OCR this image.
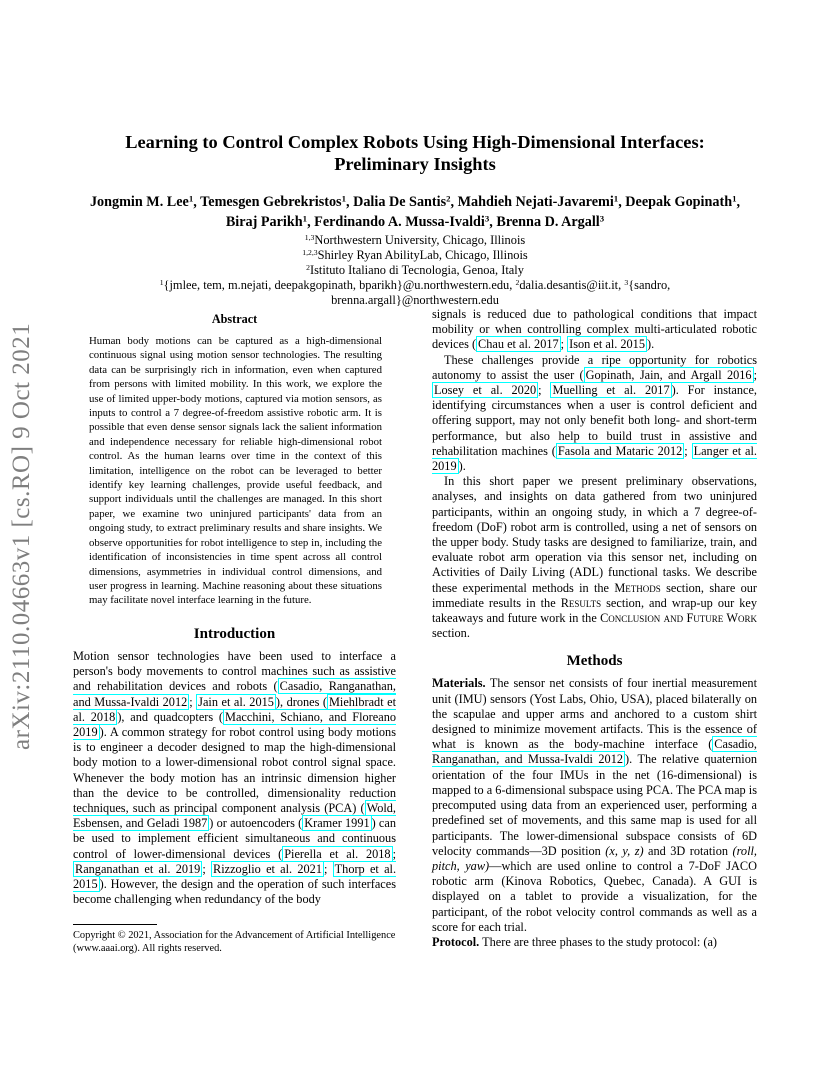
arXiv:2110.04663v1 [cs.RO] 9 Oct 2021
Learning to Control Complex Robots Using High-Dimensional Interfaces: Preliminary Insights
Jongmin M. Lee$^1$, Temesgen Gebrekristos$^1$, Dalia De Santis$^2$, Mahdieh Nejati-Javaremi$^1$, Deepak Gopinath$^1$, Biraj Parikh$^1$, Ferdinando A. Mussa-Ivaldi$^3$, Brenna D. Argall$^3$
$^{1,3}$Northwestern University, Chicago, Illinois
$^{1,2,3}$Shirley Ryan AbilityLab, Chicago, Illinois
$^2$Istituto Italiano di Tecnologia, Genoa, Italy
$^1${jmlee, tem, m.nejati, deepakgopinath, bparikh}@u.northwestern.edu, $^2$dalia.desantis@iit.it, $^3${sandro,
brenna.argall}@northwestern.edu
Abstract
Human body motions can be captured as a high-dimensional continuous signal using motion sensor technologies. The resulting data can be surprisingly rich in information, even when captured from persons with limited mobility. In this work, we explore the use of limited upper-body motions, captured via motion sensors, as inputs to control a 7 degree-of-freedom assistive robotic arm. It is possible that even dense sensor signals lack the salient information and independence necessary for reliable high-dimensional robot control. As the human learns over time in the context of this limitation, intelligence on the robot can be leveraged to better identify key learning challenges, provide useful feedback, and support individuals until the challenges are managed. In this short paper, we examine two uninjured participants' data from an ongoing study, to extract preliminary results and share insights. We observe opportunities for robot intelligence to step in, including the identification of inconsistencies in time spent across all control dimensions, asymmetries in individual control dimensions, and user progress in learning. Machine reasoning about these situations may facilitate novel interface learning in the future.
Introduction

Motion sensor technologies have been used to interface a person's body movements to control machines such as assistive and rehabilitation devices and robots ( Casadio, Ranganathan, and Mussa-Ivaldi 2012 ; Jain et al. 2015 ), drones ( Miehlbradt et al. 2018 ), and quadcopters ( Macchini, Schiano, and Floreano 2019 ). A common strategy for robot control using body motions is to engineer a decoder designed to map the high-dimensional body motion to a lower-dimensional robot control signal space. Whenever the body motion has an intrinsic dimension higher than the device to be controlled, dimensionality reduction techniques, such as principal component analysis (PCA) ( Wold, Esbensen, and Geladi 1987 ) or autoencoders ( Kramer 1991 ) can be used to implement efficient simultaneous and continuous control of lower-dimensional devices ( Pierella et al. 2018 ; Ranganathan et al. 2019 ; Rizzoglio et al. 2021 ; Thorp et al. 2015 ). However, the design and the operation of such interfaces become challenging when redundancy of the body

Copyright © 2021, Association for the Advancement of Artificial Intelligence (www.aaai.org). All rights reserved.

signals is reduced due to pathological conditions that impact mobility or when controlling complex multi-articulated robotic devices ( Chau et al. 2017 ; Ison et al. 2015 ).

These challenges provide a ripe opportunity for robotics autonomy to assist the user ( Gopinath, Jain, and Argall 2016 ; Losey et al. 2020 ; Muelling et al. 2017 ). For instance, identifying circumstances when a user is control deficient and offering support, may not only benefit both long- and short-term performance, but also help to build trust in assistive and rehabilitation machines ( Fasola and Mataric 2012 ; Langer et al. 2019 ).

In this short paper we present preliminary observations, analyses, and insights on data gathered from two uninjured participants, within an ongoing study, in which a 7 degree-of-freedom (DoF) robot arm is controlled, using a net of sensors on the upper body. Study tasks are designed to familiarize, train, and evaluate robot arm operation via this sensor net, including on Activities of Daily Living (ADL) functional tasks. We describe these experimental methods in the Methods section, share our immediate results in the Results section, and wrap-up our key takeaways and future work in the Conclusion and Future Work section.

Methods

Materials. The sensor net consists of four inertial measurement unit (IMU) sensors (Yost Labs, Ohio, USA), placed bilaterally on the scapulae and upper arms and anchored to a custom shirt designed to minimize movement artifacts. This is the essence of what is known as the body-machine interface ( Casadio, Ranganathan, and Mussa-Ivaldi 2012 ). The relative quaternion orientation of the four IMUs in the net (16-dimensional) is mapped to a 6-dimensional subspace using PCA. The PCA map is precomputed using data from an experienced user, performing a predefined set of movements, and this same map is used for all participants. The lower-dimensional subspace consists of 6D velocity commands—3D position (x, y, z) and 3D rotation (roll, pitch, yaw)—which are used online to control a 7-DoF JACO robotic arm (Kinova Robotics, Quebec, Canada). A GUI is displayed on a tablet to provide a visualization, for the participant, of the robot velocity control commands as well as a score for each trial.

Protocol. There are three phases to the study protocol: (a)
